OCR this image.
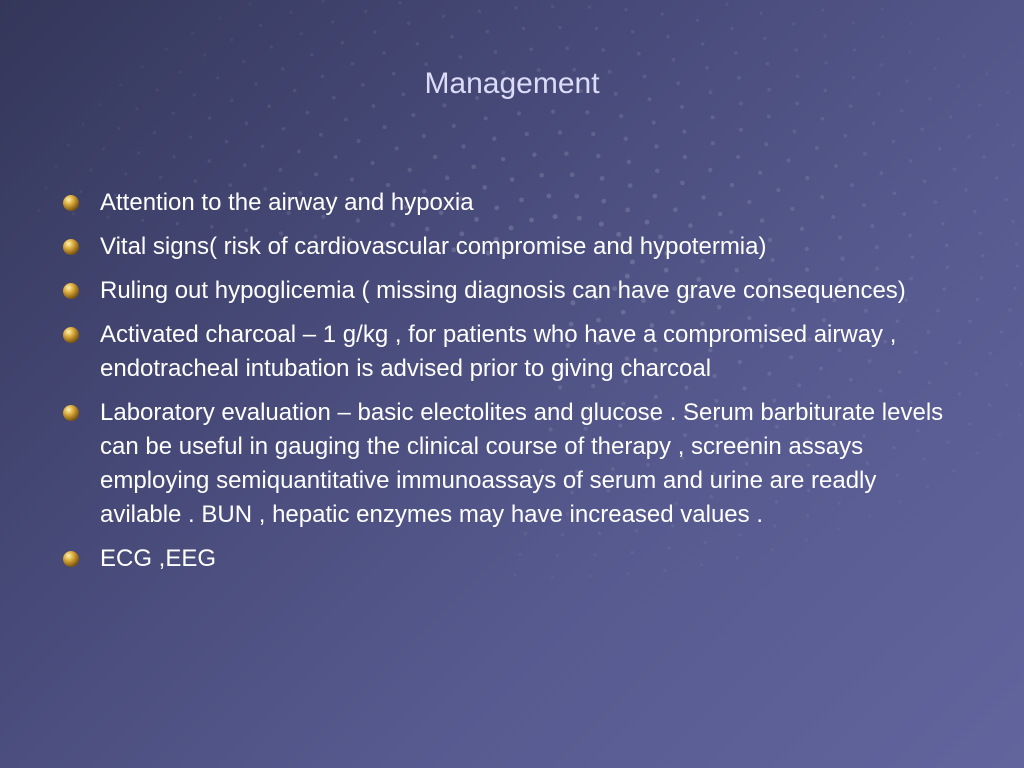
Management
Attention to the airway and hypoxia
Vital signs( risk of cardiovascular compromise and hypotermia)
Ruling out hypoglicemia ( missing diagnosis can have grave consequences)
Activated charcoal – 1 g/kg , for patients who have a compromised airway , endotracheal intubation is advised prior to giving charcoal
Laboratory evaluation – basic electolites and glucose . Serum barbiturate levels can be useful in gauging the clinical course of therapy , screenin assays employing semiquantitative immunoassays of serum and urine are readly avilable . BUN , hepatic enzymes may have increased values .
ECG ,EEG
